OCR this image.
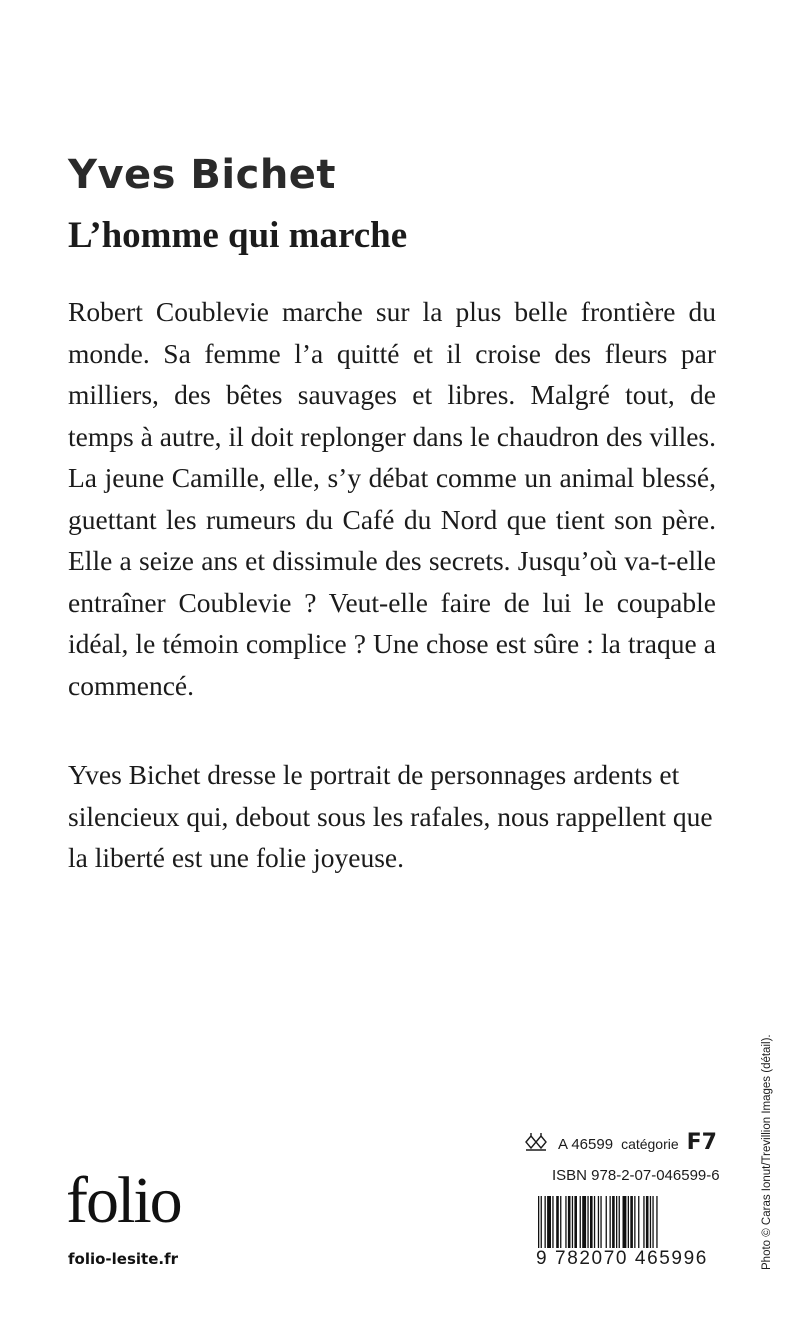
Yves Bichet
L’homme qui marche

Robert Coublevie marche sur la plus belle frontière du monde. Sa femme l’a quitté et il croise des fleurs par milliers, des bêtes sauvages et libres. Malgré tout, de temps à autre, il doit replonger dans le chaudron des villes. La jeune Camille, elle, s’y débat comme un animal blessé, guettant les rumeurs du Café du Nord que tient son père. Elle a seize ans et dissimule des secrets. Jusqu’où va-t-elle entraîner Coublevie ? Veut-elle faire de lui le coupable idéal, le témoin complice ? Une chose est sûre : la traque a commencé.

Yves Bichet dresse le portrait de personnages ardents et silencieux qui, debout sous les rafales, nous rappellent que la liberté est une folie joyeuse.

Photo © Caras Ionut/Trevillion Images (détail).
A 46599 catégorie F7
ISBN 978-2-07-046599-6
9 782070 465996
folio
folio-lesite.fr
